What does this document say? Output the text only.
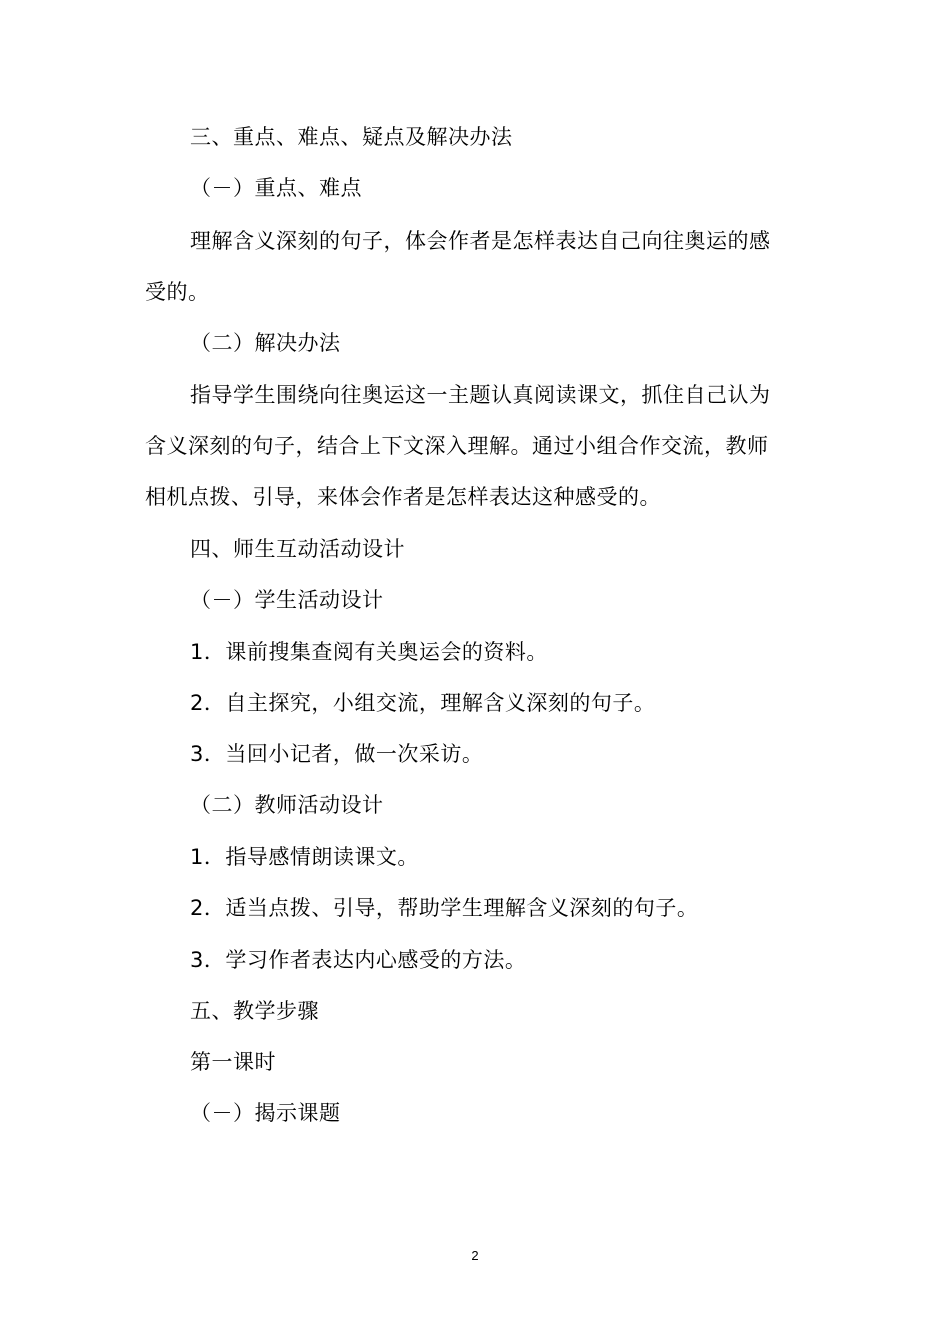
三、重点、难点、疑点及解决办法
（－）重点、难点
理解含义深刻的句子，体会作者是怎样表达自己向往奥运的感
受的。
（二）解决办法
指导学生围绕向往奥运这一主题认真阅读课文，抓住自己认为
含义深刻的句子，结合上下文深入理解。通过小组合作交流，教师
相机点拨、引导，来体会作者是怎样表达这种感受的。
四、师生互动活动设计
（－）学生活动设计
1．课前搜集查阅有关奥运会的资料。
2．自主探究，小组交流，理解含义深刻的句子。
3．当回小记者，做一次采访。
（二）教师活动设计
1．指导感情朗读课文。
2．适当点拨、引导，帮助学生理解含义深刻的句子。
3．学习作者表达内心感受的方法。
五、教学步骤
第一课时
（－）揭示课题
2
